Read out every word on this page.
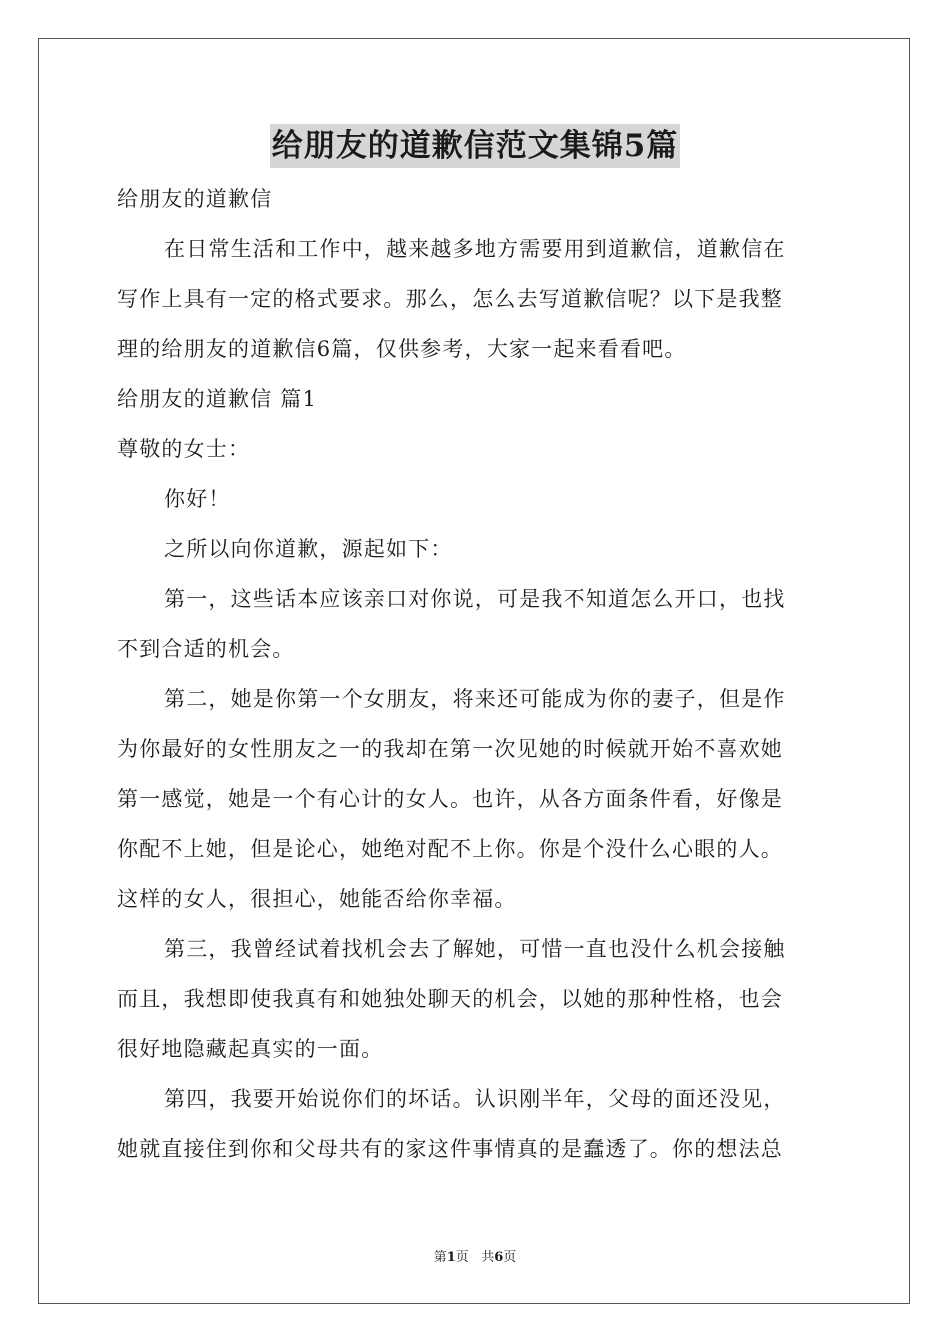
给朋友的道歉信范文集锦5篇
给朋友的道歉信
在日常生活和工作中，越来越多地方需要用到道歉信，道歉信在
写作上具有一定的格式要求。那么，怎么去写道歉信呢？以下是我整
理的给朋友的道歉信6篇，仅供参考，大家一起来看看吧。
给朋友的道歉信 篇1
尊敬的女士：
你好！
之所以向你道歉，源起如下：
第一，这些话本应该亲口对你说，可是我不知道怎么开口，也找
不到合适的机会。
第二，她是你第一个女朋友，将来还可能成为你的妻子，但是作
为你最好的女性朋友之一的我却在第一次见她的时候就开始不喜欢她
第一感觉，她是一个有心计的女人。也许，从各方面条件看，好像是
你配不上她，但是论心，她绝对配不上你。你是个没什么心眼的人。
这样的女人，很担心，她能否给你幸福。
第三，我曾经试着找机会去了解她，可惜一直也没什么机会接触
而且，我想即使我真有和她独处聊天的机会，以她的那种性格，也会
很好地隐藏起真实的一面。
第四，我要开始说你们的坏话。认识刚半年，父母的面还没见，
她就直接住到你和父母共有的家这件事情真的是蠢透了。你的想法总
第1页 共6页
